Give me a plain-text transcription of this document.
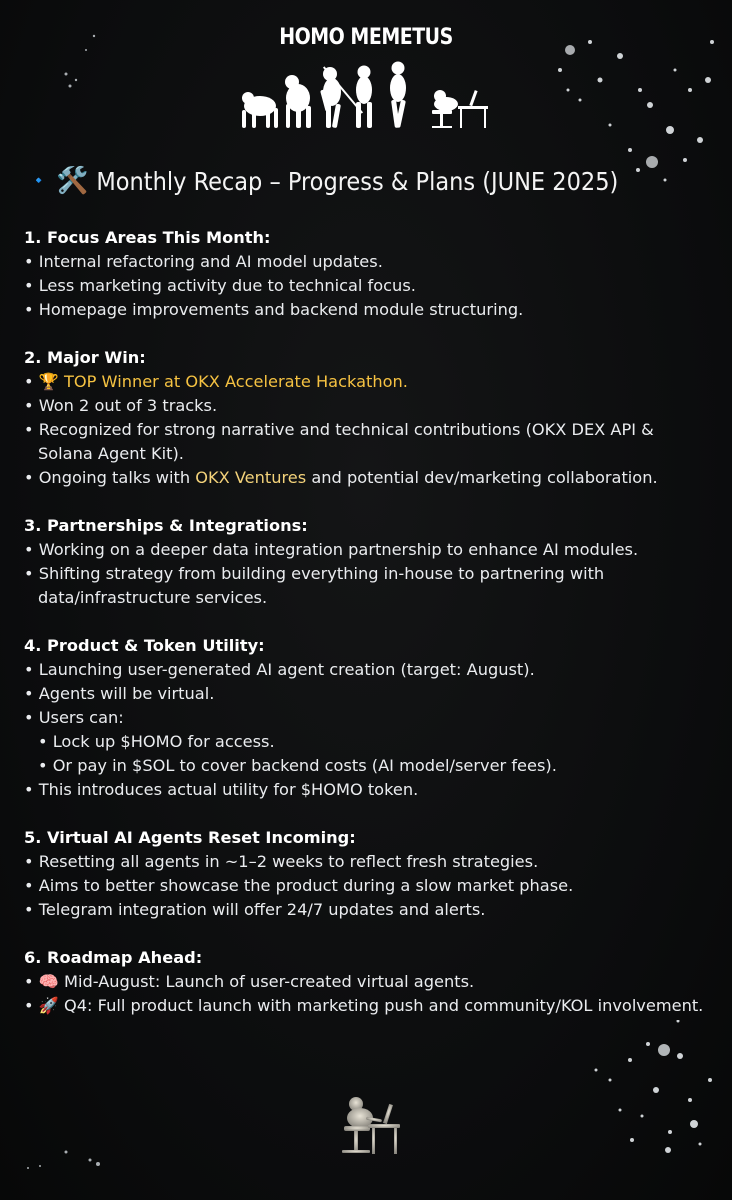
HOMO MEMETUS
🔹 🛠️ Monthly Recap – Progress & Plans (JUNE 2025)
1. Focus Areas This Month:
• Internal refactoring and AI model updates.
• Less marketing activity due to technical focus.
• Homepage improvements and backend module structuring.
2. Major Win:
• 🏆 TOP Winner at OKX Accelerate Hackathon.
• Won 2 out of 3 tracks.
• Recognized for strong narrative and technical contributions (OKX DEX API &
Solana Agent Kit).
• Ongoing talks with OKX Ventures and potential dev/marketing collaboration.
3. Partnerships & Integrations:
• Working on a deeper data integration partnership to enhance AI modules.
• Shifting strategy from building everything in-house to partnering with
data/infrastructure services.
4. Product & Token Utility:
• Launching user-generated AI agent creation (target: August).
• Agents will be virtual.
• Users can:
• Lock up $HOMO for access.
• Or pay in $SOL to cover backend costs (AI model/server fees).
• This introduces actual utility for $HOMO token.
5. Virtual AI Agents Reset Incoming:
• Resetting all agents in ~1–2 weeks to reflect fresh strategies.
• Aims to better showcase the product during a slow market phase.
• Telegram integration will offer 24/7 updates and alerts.
6. Roadmap Ahead:
• 🧠 Mid-August: Launch of user-created virtual agents.
• 🚀 Q4: Full product launch with marketing push and community/KOL involvement.
